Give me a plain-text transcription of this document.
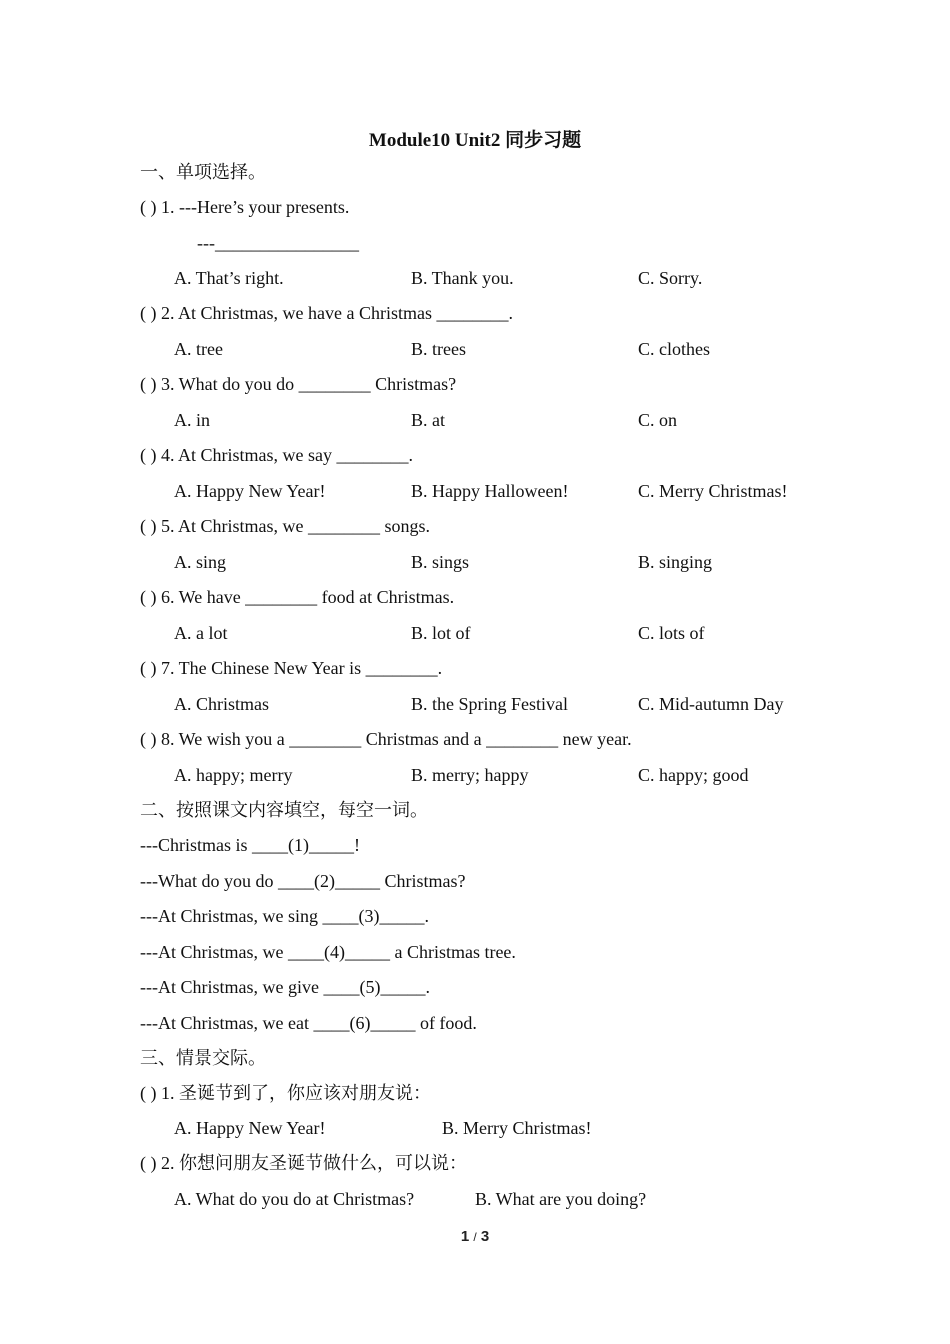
Module10 Unit2 同步习题
一、单项选择。
( ) 1. ---Here’s your presents.
---________________
A. That’s right.	B. Thank you.	C. Sorry.
( ) 2. At Christmas, we have a Christmas ________.
A. tree	B. trees	C. clothes
( ) 3. What do you do ________ Christmas?
A. in	B. at	C. on
( ) 4. At Christmas, we say ________.
A. Happy New Year!	B. Happy Halloween!	C. Merry Christmas!
( ) 5. At Christmas, we ________ songs.
A. sing	B. sings	B. singing
( ) 6. We have ________ food at Christmas.
A. a lot	B. lot of	C. lots of
( ) 7. The Chinese New Year is ________.
A. Christmas	B. the Spring Festival	C. Mid-autumn Day
( ) 8. We wish you a ________ Christmas and a ________ new year.
A. happy; merry	B. merry; happy	C. happy; good
二、按照课文内容填空，每空一词。
---Christmas is ____(1)_____!
---What do you do ____(2)_____ Christmas?
---At Christmas, we sing ____(3)_____.
---At Christmas, we ____(4)_____ a Christmas tree.
---At Christmas, we give ____(5)_____.
---At Christmas, we eat ____(6)_____ of food.
三、情景交际。
( ) 1. 圣诞节到了，你应该对朋友说：
A. Happy New Year!	B. Merry Christmas!
( ) 2. 你想问朋友圣诞节做什么，可以说：
A. What do you do at Christmas?	B. What are you doing?
1 / 3
